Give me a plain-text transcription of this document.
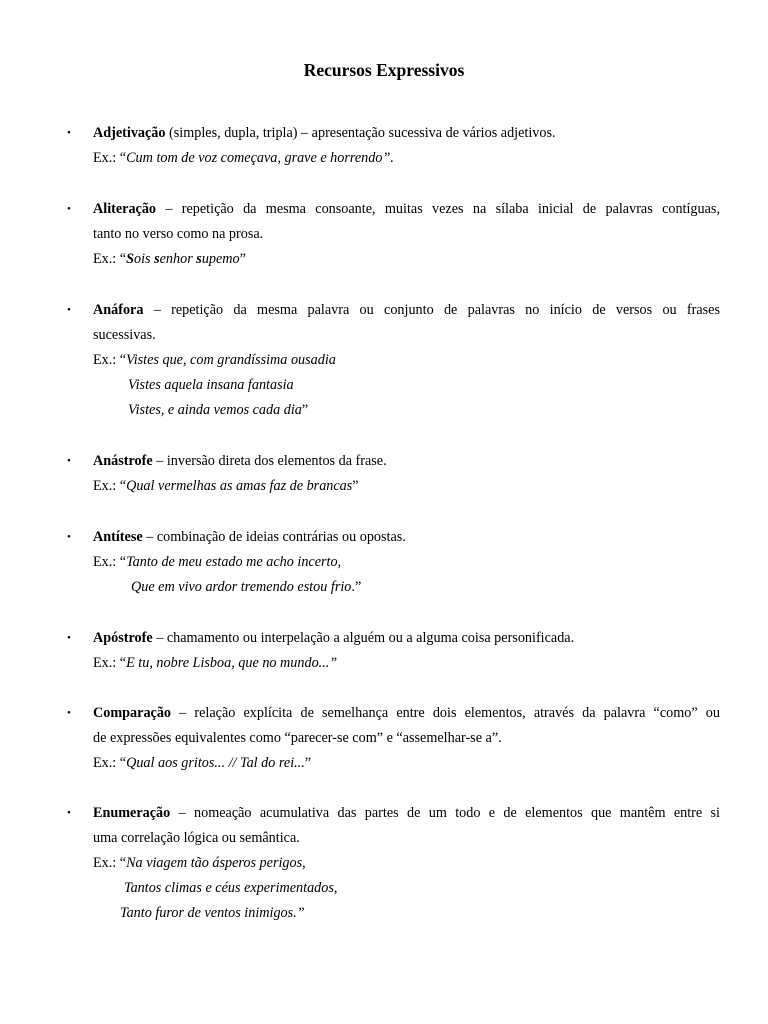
Recursos Expressivos
• Adjetivação (simples, dupla, tripla) – apresentação sucessiva de vários adjetivos.
Ex.: “Cum tom de voz começava, grave e horrendo”.
• Aliteração – repetição da mesma consoante, muitas vezes na sílaba inicial de palavras contíguas,
tanto no verso como na prosa.
Ex.: “Sois senhor supemo”
• Anáfora – repetição da mesma palavra ou conjunto de palavras no início de versos ou frases
sucessivas.
Ex.: “Vistes que, com grandíssima ousadia
Vistes aquela insana fantasia
Vistes, e ainda vemos cada dia”
• Anástrofe – inversão direta dos elementos da frase.
Ex.: “Qual vermelhas as amas faz de brancas”
• Antítese – combinação de ideias contrárias ou opostas.
Ex.: “Tanto de meu estado me acho incerto,
Que em vivo ardor tremendo estou frio.”
• Apóstrofe – chamamento ou interpelação a alguém ou a alguma coisa personificada.
Ex.: “E tu, nobre Lisboa, que no mundo...”
• Comparação – relação explícita de semelhança entre dois elementos, através da palavra “como” ou
de expressões equivalentes como “parecer-se com” e “assemelhar-se a”.
Ex.: “Qual aos gritos... // Tal do rei...”
• Enumeração – nomeação acumulativa das partes de um todo e de elementos que mantêm entre si
uma correlação lógica ou semântica.
Ex.: “Na viagem tão ásperos perigos,
Tantos climas e céus experimentados,
Tanto furor de ventos inimigos.”
